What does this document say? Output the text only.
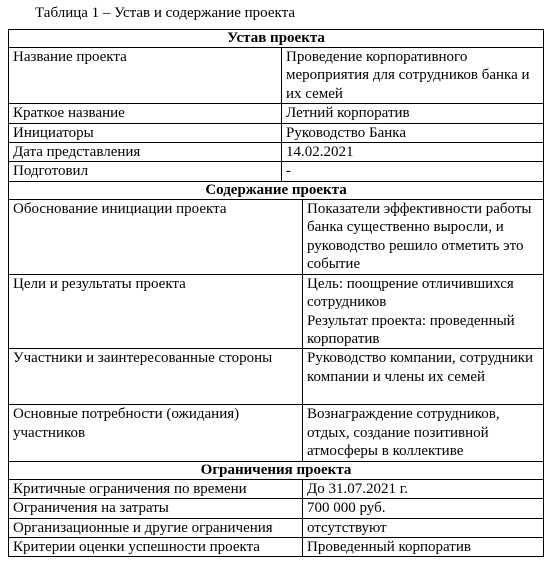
Таблица 1 – Устав и содержание проекта
Устав проекта		
Название проекта	Проведение корпоративного мероприятия для сотрудников банка и их семей	
Краткое название	Летний корпоратив	
Инициаторы	Руководство Банка	
Дата представления	14.02.2021	
Подготовил	-	
Содержание проекта		
Обоснование инициации проекта		Показатели эффективности работы банка существенно выросли, и руководство решило отметить это событие
Цели и результаты проекта		Цель: поощрение отличившихся сотрудников
Результат проекта: проведенный корпоратив

Участники и заинтересованные стороны		Руководство компании, сотрудники компании и члены их семей
Основные потребности (ожидания) участников		Вознаграждение сотрудников, отдых, создание позитивной атмосферы в коллективе
Ограничения проекта		
Критичные ограничения по времени		До 31.07.2021 г.
Ограничения на затраты		700 000 руб.
Организационные и другие ограничения		отсутствуют
Критерии оценки успешности проекта		Проведенный корпоратив
